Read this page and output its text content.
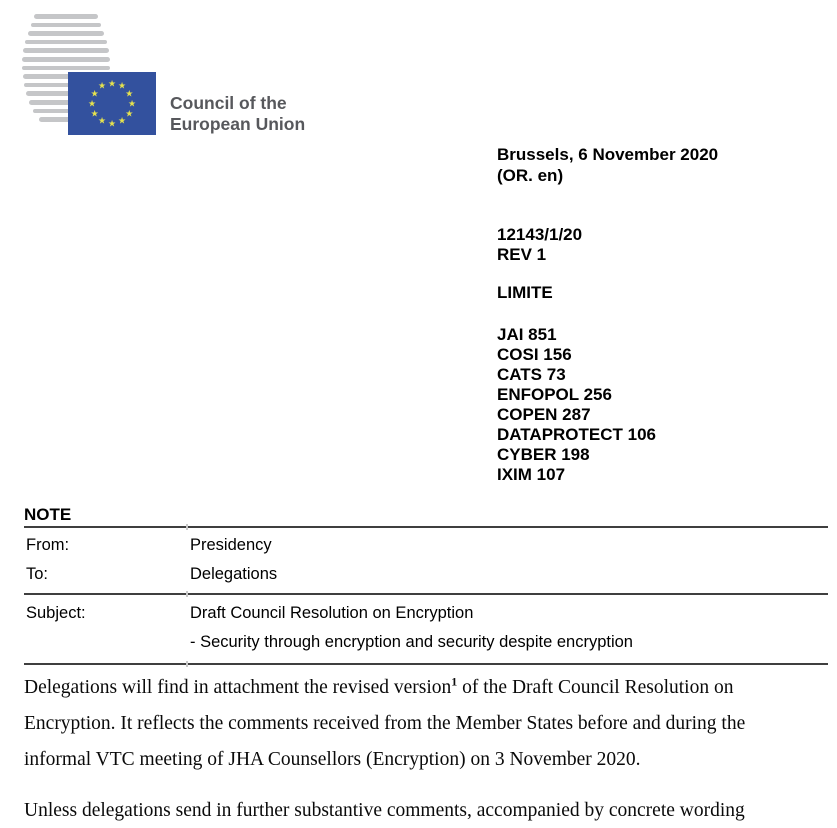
★ ★
★
★
★
★
★
★
★
★
★
★
Council of the
European Union
Brussels, 6 November 2020
(OR. en)
12143/1/20
REV 1
LIMITE
JAI 851
COSI 156
CATS 73
ENFOPOL 256
COPEN 287
DATAPROTECT 106
CYBER 198
IXIM 107
NOTE
From:	Presidency
To:	Delegations
Subject:	Draft Council Resolution on Encryption
- Security through encryption and security despite encryption

Delegations will find in attachment the revised version$^1$ of the Draft Council Resolution on Encryption. It reflects the comments received from the Member States before and during the informal VTC meeting of JHA Counsellors (Encryption) on 3 November 2020.

Unless delegations send in further substantive comments, accompanied by concrete wording
